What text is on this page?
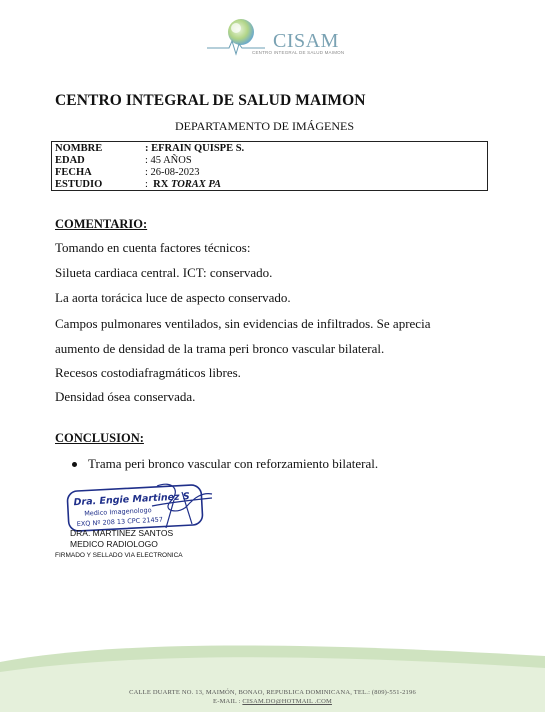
CISAM
CENTRO INTEGRAL DE SALUD MAIMON
CENTRO INTEGRAL DE SALUD MAIMON
DEPARTAMENTO DE IMÁGENES
NOMBRE	: EFRAIN QUISPE S.
EDAD	: 45 AÑOS
FECHA	: 26-08-2023
ESTUDIO	:  RX TORAX PA
COMENTARIO:
Tomando en cuenta factores técnicos:
Silueta cardiaca central. ICT: conservado.
La aorta torácica luce de aspecto conservado.
Campos pulmonares ventilados, sin evidencias de infiltrados. Se aprecia
aumento de densidad de la trama peri bronco vascular bilateral.
Recesos costodiafragmáticos libres.
Densidad ósea conservada.
CONCLUSION:
Trama peri bronco vascular con reforzamiento bilateral.
Dra. Engie Martinez S
Medico Imagenologo
EXQ Nº 208 13 CPC 21457
DRA. MARTINEZ SANTOS
MEDICO RADIOLOGO
FIRMADO Y SELLADO VIA ELECTRONICA
CALLE DUARTE NO. 13, MAIMÓN, BONAO, REPUBLICA DOMINICANA, TEL.: (809)-551-2196
E-MAIL : CISAM.DO@HOTMAIL .COM
